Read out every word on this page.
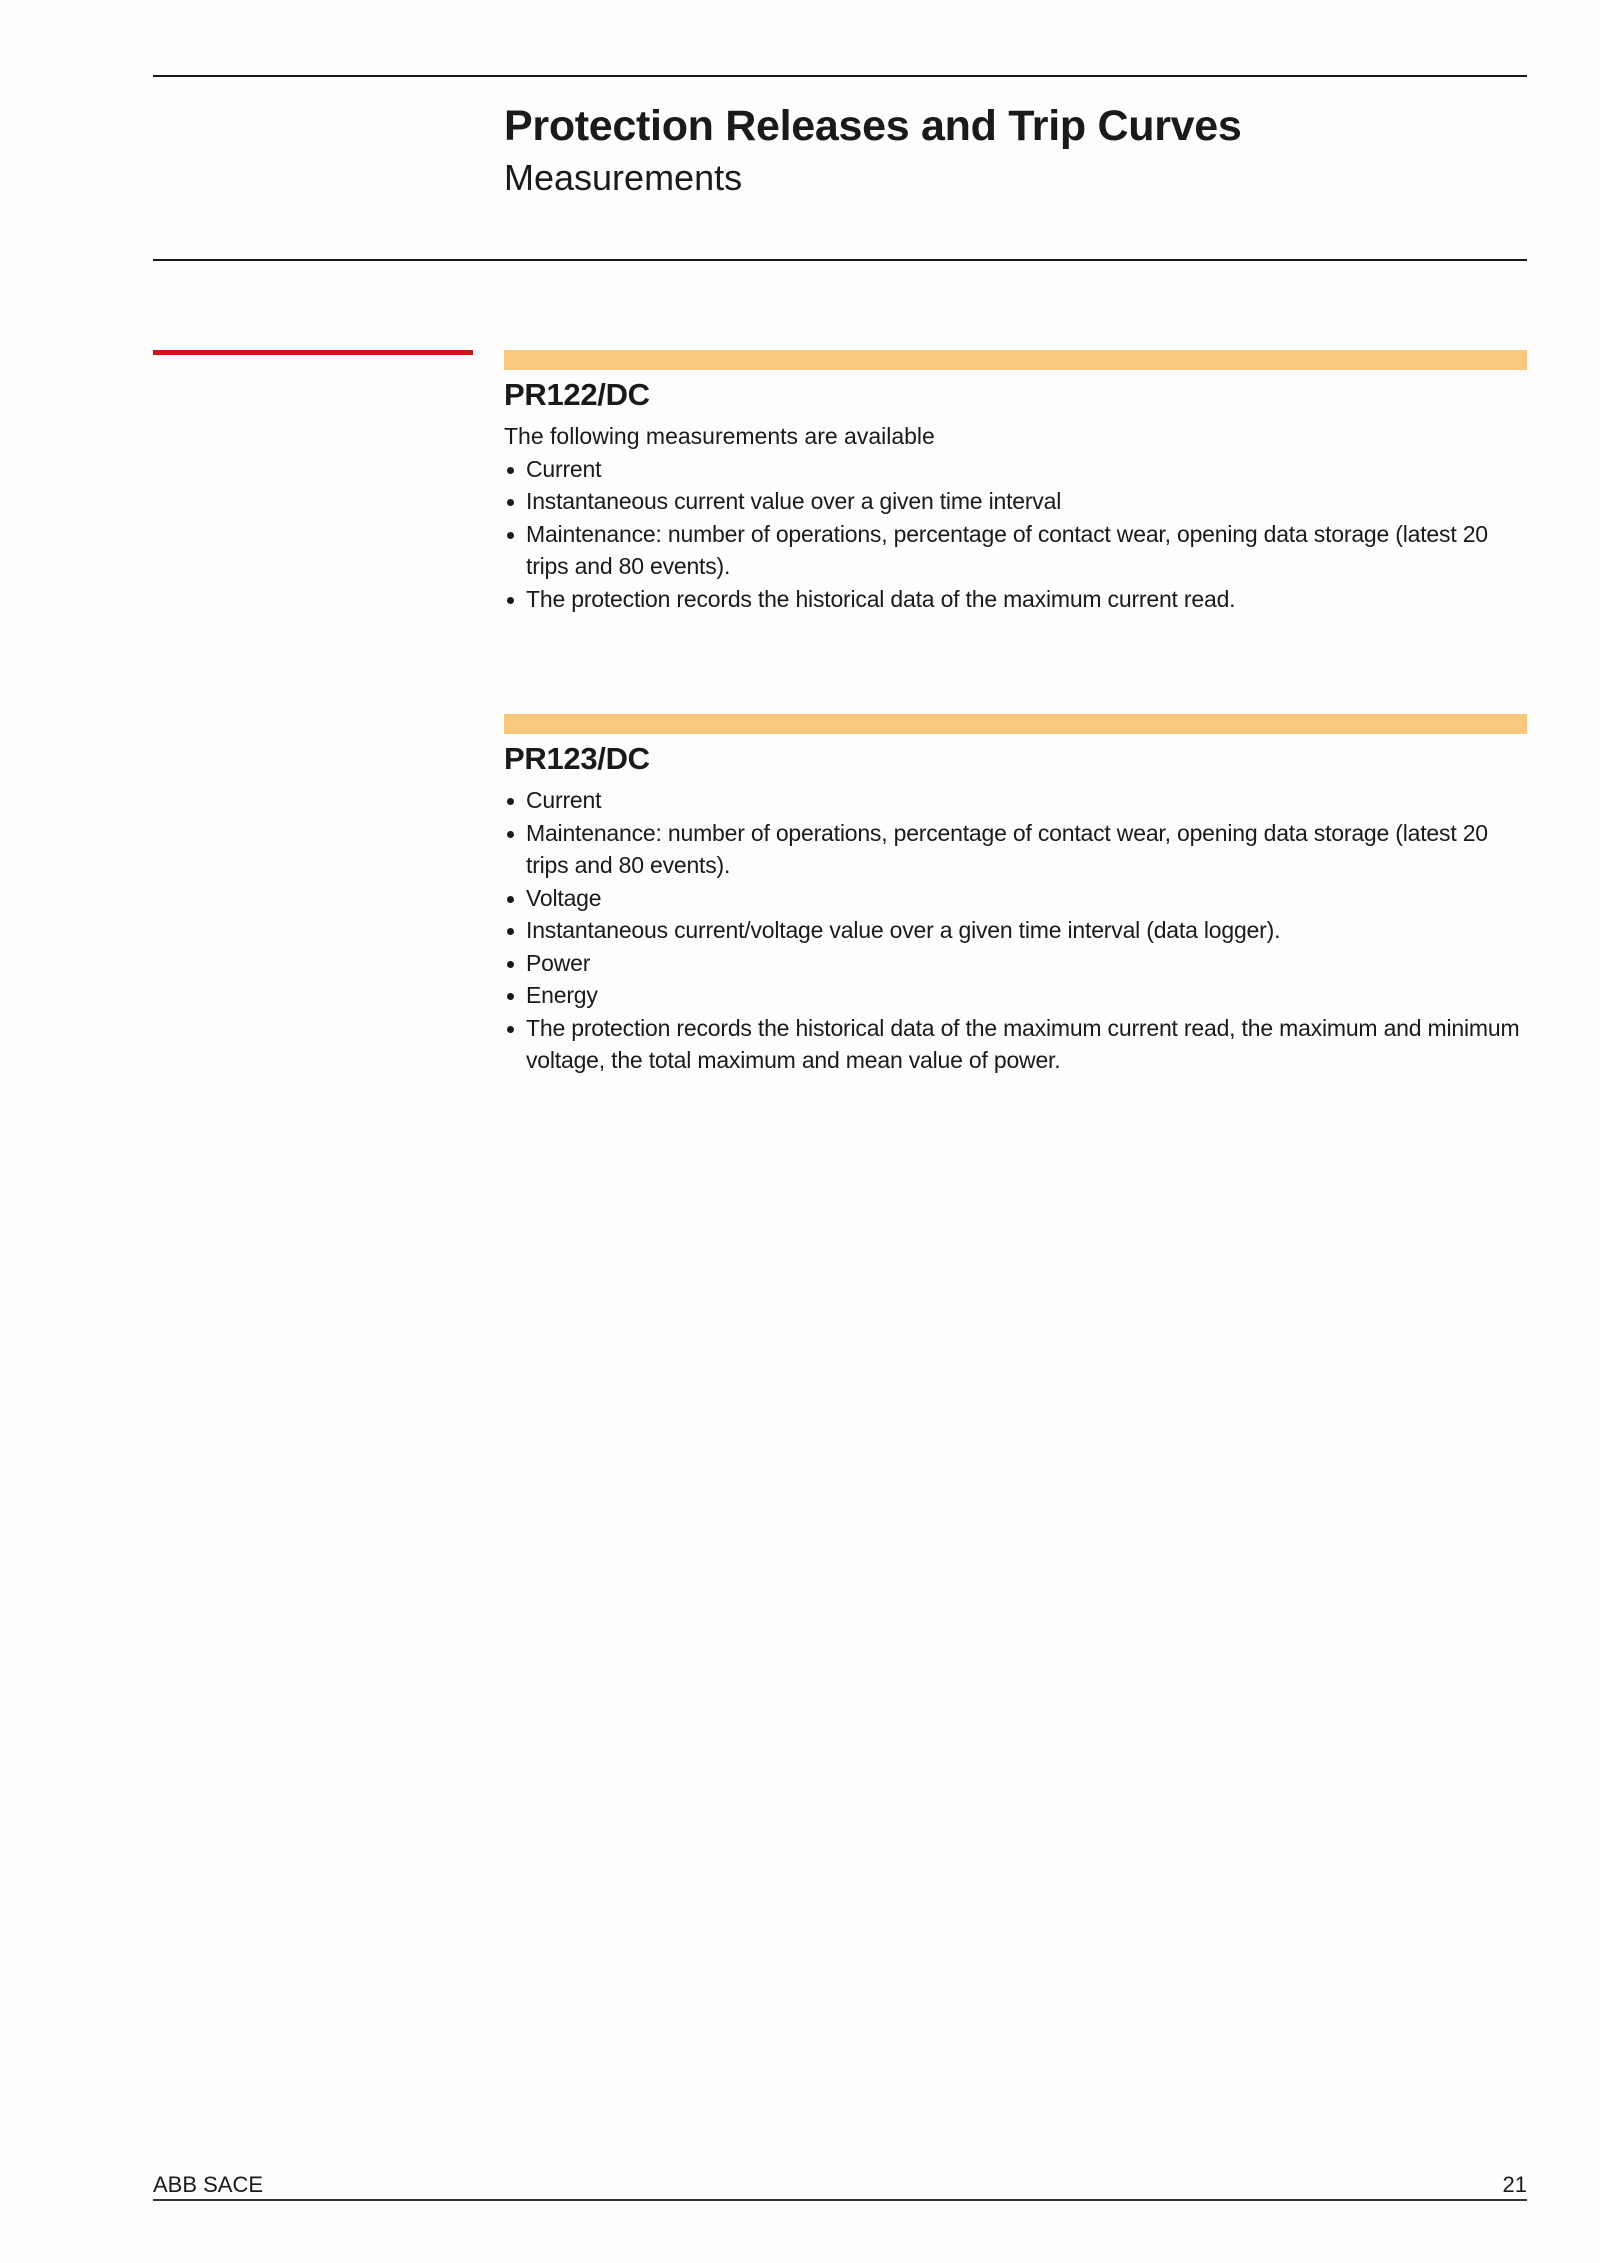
Protection Releases and Trip Curves
Measurements
PR122/DC

The following measurements are available

Current
Instantaneous current value over a given time interval
Maintenance: number of operations, percentage of contact wear, opening data storage (latest 20 trips and 80 events).
The protection records the historical data of the maximum current read.
PR123/DC
Current
Maintenance: number of operations, percentage of contact wear, opening data storage (latest 20 trips and 80 events).
Voltage
Instantaneous current/voltage value over a given time interval (data logger).
Power
Energy
The protection records the historical data of the maximum current read, the maximum and minimum voltage, the total maximum and mean value of power.
ABB SACE	21
